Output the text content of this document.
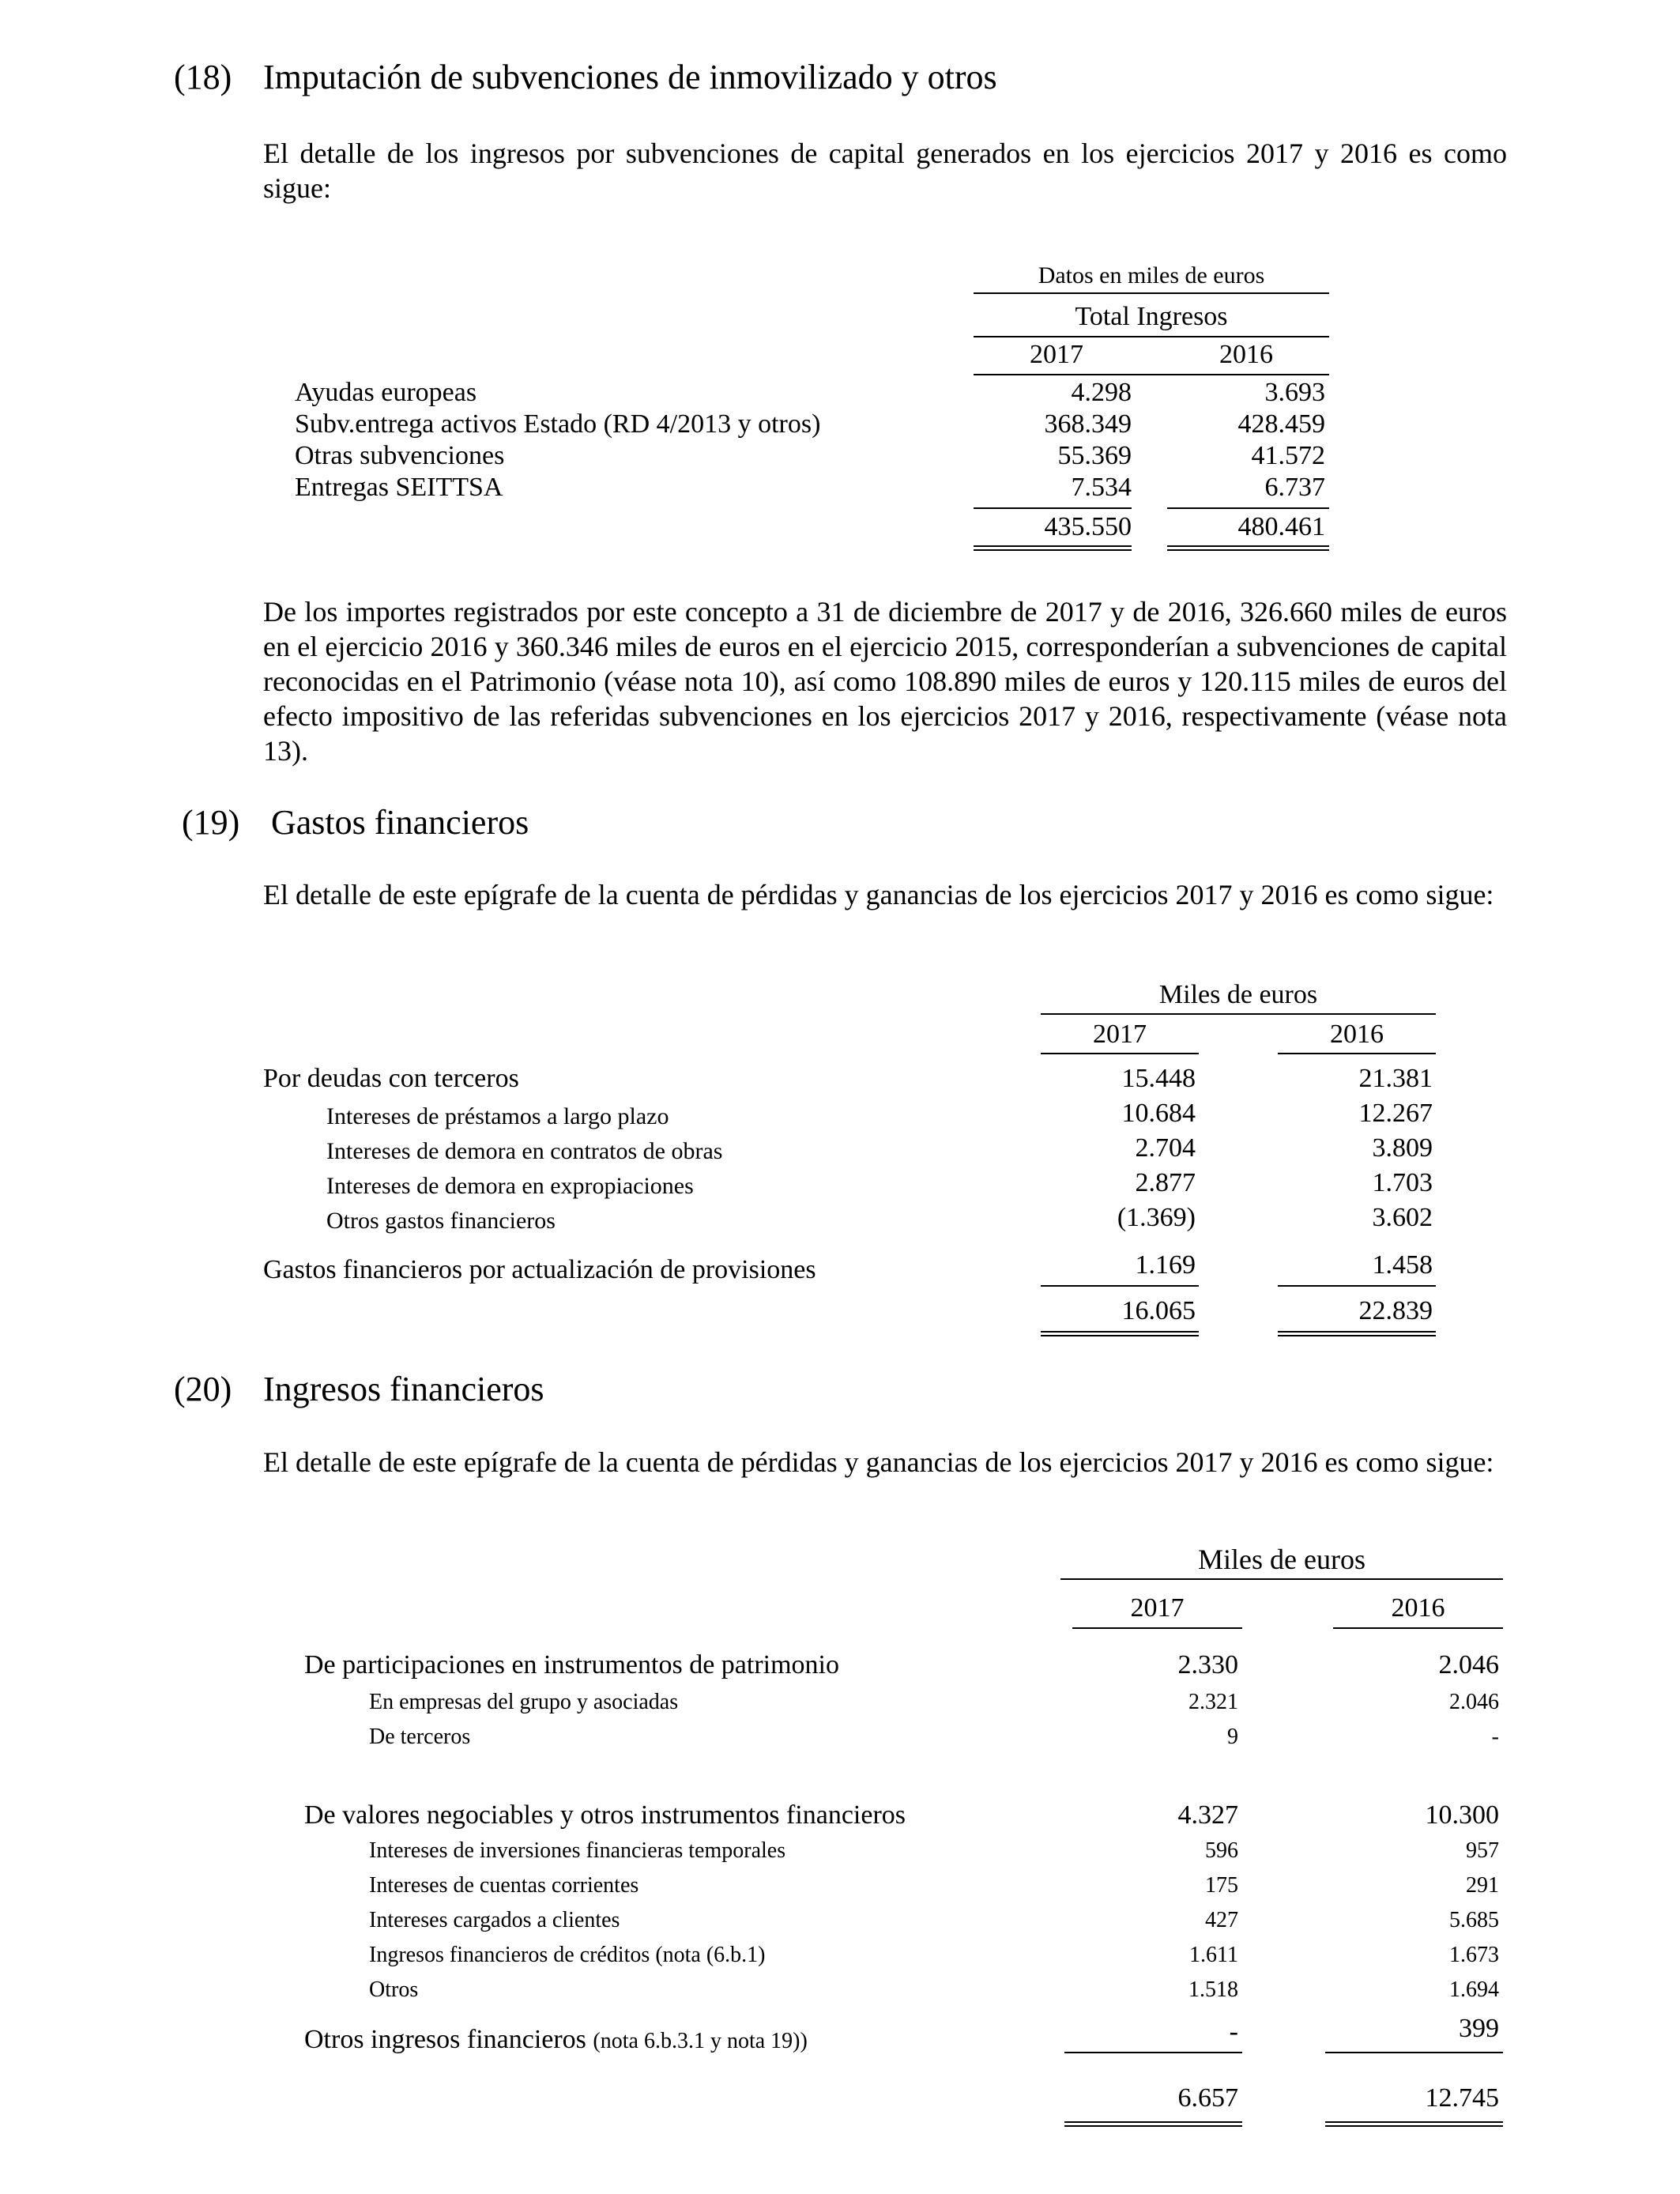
(18) Imputación de subvenciones de inmovilizado y otros
El detalle de los ingresos por subvenciones de capital generados en los ejercicios 2017 y 2016 es como sigue:
Datos en miles de euros
Total Ingresos
2017	2016
Ayudas europeas	4.298	3.693
Subv.entrega activos Estado (RD 4/2013 y otros)	368.349	428.459
Otras subvenciones	55.369	41.572
Entregas SEITTSA	7.534	6.737
435.550	480.461
De los importes registrados por este concepto a 31 de diciembre de 2017 y de 2016, 326.660 miles de euros en el ejercicio 2016 y 360.346 miles de euros en el ejercicio 2015, corresponderían a subvenciones de capital reconocidas en el Patrimonio (véase nota 10), así como 108.890 miles de euros y 120.115 miles de euros del efecto impositivo de las referidas subvenciones en los ejercicios 2017 y 2016, respectivamente (véase nota 13).
(19) Gastos financieros
El detalle de este epígrafe de la cuenta de pérdidas y ganancias de los ejercicios 2017 y 2016 es como sigue:
Miles de euros
2017	2016
Por deudas con terceros	15.448	21.381
Intereses de préstamos a largo plazo	10.684	12.267
Intereses de demora en contratos de obras	2.704	3.809
Intereses de demora en expropiaciones	2.877	1.703
Otros gastos financieros	(1.369)	3.602
Gastos financieros por actualización de provisiones	1.169	1.458
16.065	22.839
(20) Ingresos financieros
El detalle de este epígrafe de la cuenta de pérdidas y ganancias de los ejercicios 2017 y 2016 es como sigue:
Miles de euros
2017	2016
De participaciones en instrumentos de patrimonio	2.330	2.046
En empresas del grupo y asociadas	2.321	2.046
De terceros	9	-
De valores negociables y otros instrumentos financieros	4.327	10.300
Intereses de inversiones financieras temporales	596	957
Intereses de cuentas corrientes	175	291
Intereses cargados a clientes	427	5.685
Ingresos financieros de créditos (nota (6.b.1)	1.611	1.673
Otros	1.518	1.694
Otros ingresos financieros (nota 6.b.3.1 y nota 19))	-	399
6.657	12.745
